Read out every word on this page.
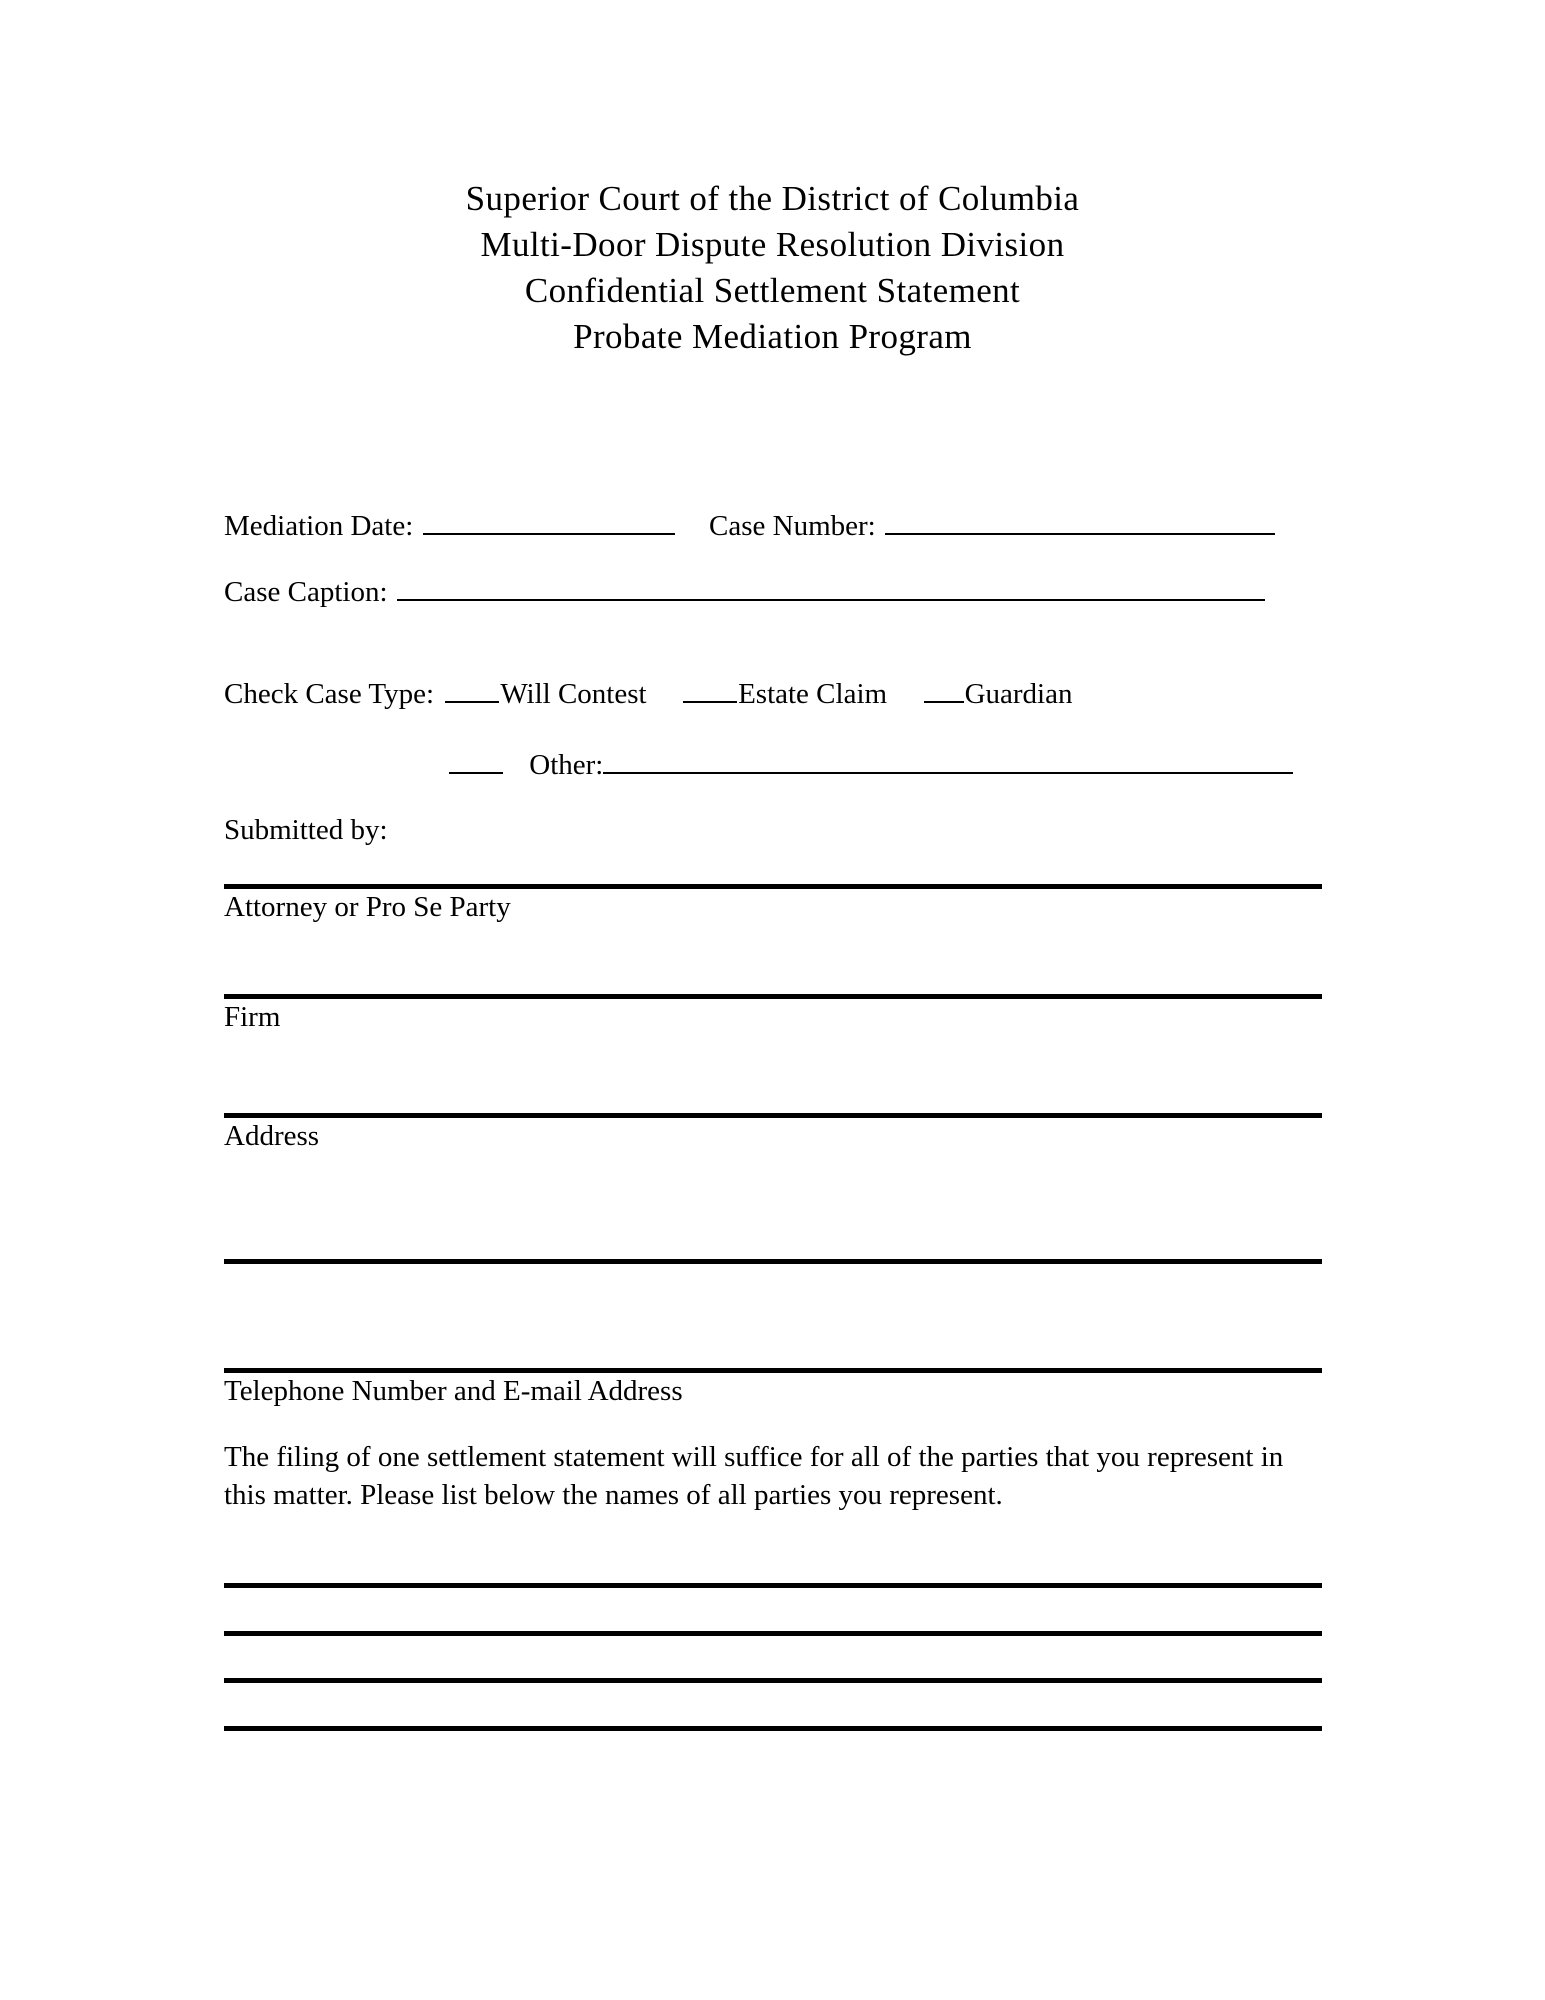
Superior Court of the District of Columbia
Multi-Door Dispute Resolution Division
Confidential Settlement Statement
Probate Mediation Program
Mediation Date:	Case Number:
Case Caption:
Check Case Type: Will Contest	Estate Claim	Guardian
Other:
Submitted by:
Attorney or Pro Se Party
Firm
Address
Telephone Number and E-mail Address
The filing of one settlement statement will suffice for all of the parties that you represent in this matter. Please list below the names of all parties you represent.
